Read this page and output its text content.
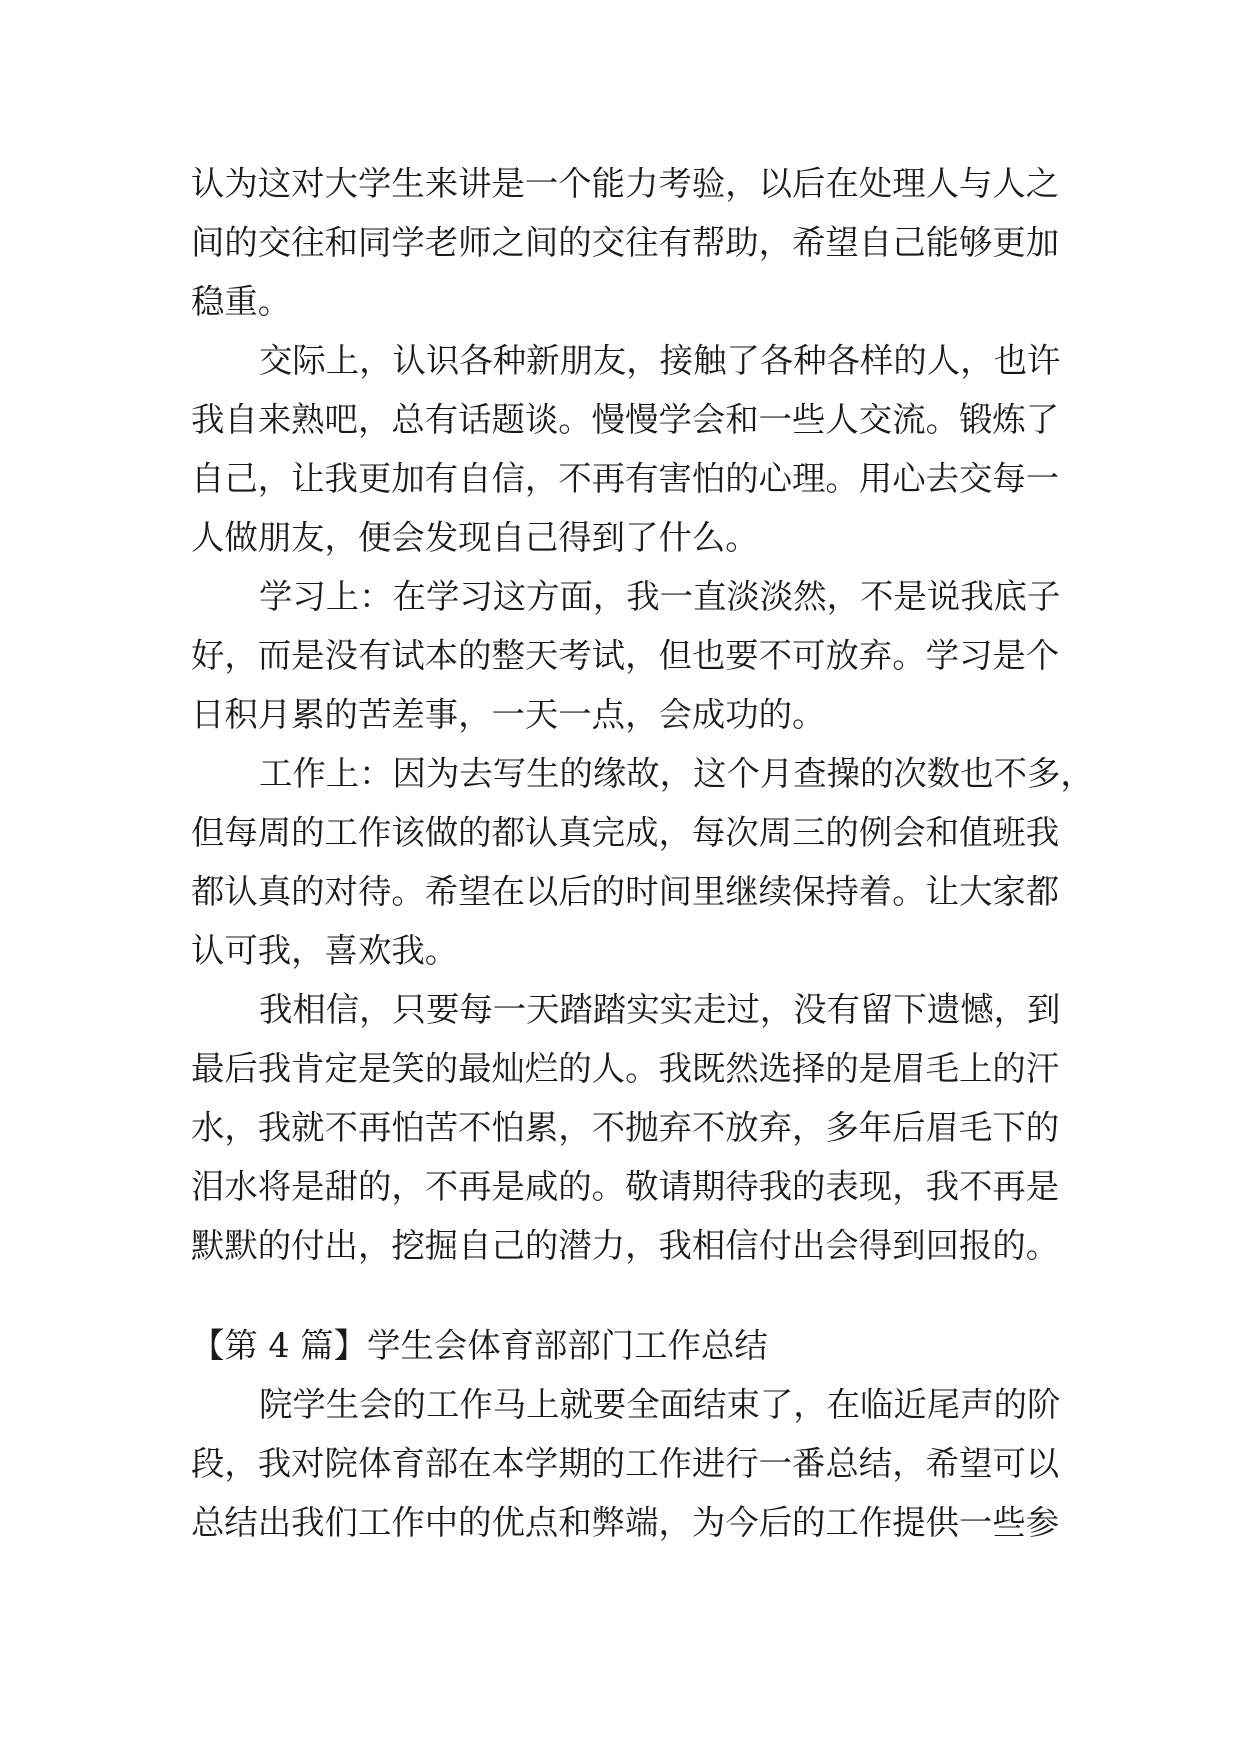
认为这对大学生来讲是一个能力考验，以后在处理人与人之
间的交往和同学老师之间的交往有帮助，希望自己能够更加
稳重。
交际上，认识各种新朋友，接触了各种各样的人，也许
我自来熟吧，总有话题谈。慢慢学会和一些人交流。锻炼了
自己，让我更加有自信，不再有害怕的心理。用心去交每一
人做朋友，便会发现自己得到了什么。
学习上：在学习这方面，我一直淡淡然，不是说我底子
好，而是没有试本的整天考试，但也要不可放弃。学习是个
日积月累的苦差事，一天一点，会成功的。
工作上：因为去写生的缘故，这个月查操的次数也不多，
但每周的工作该做的都认真完成，每次周三的例会和值班我
都认真的对待。希望在以后的时间里继续保持着。让大家都
认可我，喜欢我。
我相信，只要每一天踏踏实实走过，没有留下遗憾，到
最后我肯定是笑的最灿烂的人。我既然选择的是眉毛上的汗
水，我就不再怕苦不怕累，不抛弃不放弃，多年后眉毛下的
泪水将是甜的，不再是咸的。敬请期待我的表现，我不再是
默默的付出，挖掘自己的潜力，我相信付出会得到回报的。
【第 4 篇】学生会体育部部门工作总结
院学生会的工作马上就要全面结束了，在临近尾声的阶
段，我对院体育部在本学期的工作进行一番总结，希望可以
总结出我们工作中的优点和弊端，为今后的工作提供一些参
